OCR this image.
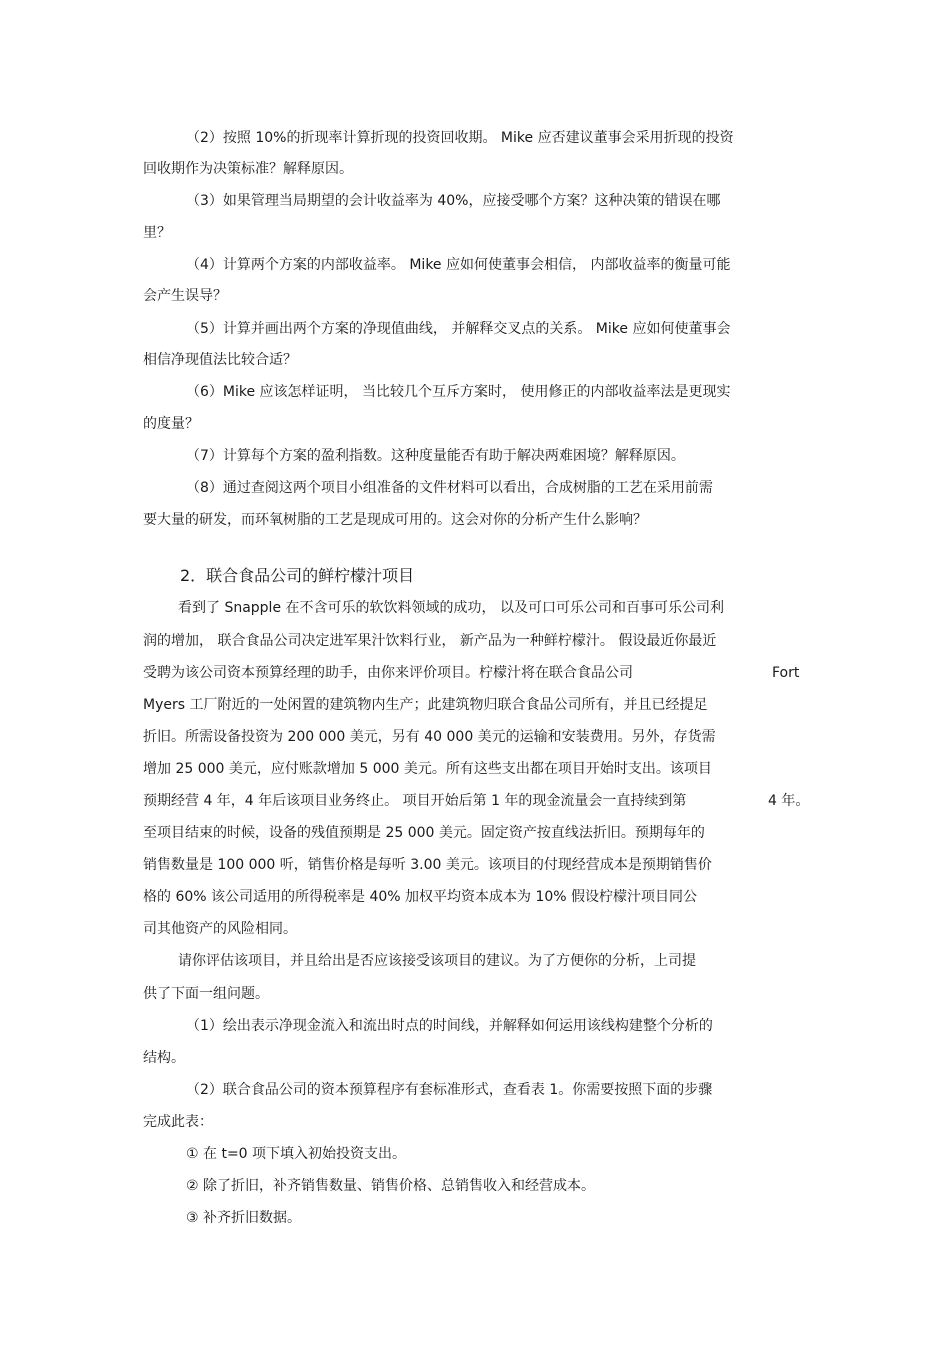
（2）按照 10%的折现率计算折现的投资回收期。 Mike 应否建议董事会采用折现的投资
回收期作为决策标准？解释原因。
（3）如果管理当局期望的会计收益率为 40%，应接受哪个方案？这种决策的错误在哪
里？
（4）计算两个方案的内部收益率。 Mike 应如何使董事会相信， 内部收益率的衡量可能
会产生误导？
（5）计算并画出两个方案的净现值曲线， 并解释交叉点的关系。 Mike 应如何使董事会
相信净现值法比较合适？
（6）Mike 应该怎样证明， 当比较几个互斥方案时， 使用修正的内部收益率法是更现实
的度量？
（7）计算每个方案的盈利指数。这种度量能否有助于解决两难困境？解释原因。
（8）通过查阅这两个项目小组准备的文件材料可以看出，合成树脂的工艺在采用前需
要大量的研发，而环氧树脂的工艺是现成可用的。这会对你的分析产生什么影响？
2．联合食品公司的鲜柠檬汁项目
看到了 Snapple 在不含可乐的软饮料领域的成功， 以及可口可乐公司和百事可乐公司利
润的增加， 联合食品公司决定进军果汁饮料行业， 新产品为一种鲜柠檬汁。 假设最近你最近
受聘为该公司资本预算经理的助手，由你来评价项目。柠檬汁将在联合食品公司	Fort
Myers 工厂附近的一处闲置的建筑物内生产；此建筑物归联合食品公司所有，并且已经提足
折旧。所需设备投资为 200 000 美元，另有 40 000 美元的运输和安装费用。另外，存货需
增加 25 000 美元，应付账款增加 5 000 美元。所有这些支出都在项目开始时支出。该项目
预期经营 4 年，4 年后该项目业务终止。 项目开始后第 1 年的现金流量会一直持续到第	4 年。
至项目结束的时候，设备的残值预期是 25 000 美元。固定资产按直线法折旧。预期每年的
销售数量是 100 000 听，销售价格是每听 3.00 美元。该项目的付现经营成本是预期销售价
格的 60% 该公司适用的所得税率是 40% 加权平均资本成本为 10% 假设柠檬汁项目同公
司其他资产的风险相同。
请你评估该项目，并且给出是否应该接受该项目的建议。为了方便你的分析，上司提
供了下面一组问题。
（1）绘出表示净现金流入和流出时点的时间线，并解释如何运用该线构建整个分析的
结构。
（2）联合食品公司的资本预算程序有套标准形式，查看表 1。你需要按照下面的步骤
完成此表：
① 在 t=0 项下填入初始投资支出。
② 除了折旧，补齐销售数量、销售价格、总销售收入和经营成本。
③ 补齐折旧数据。
